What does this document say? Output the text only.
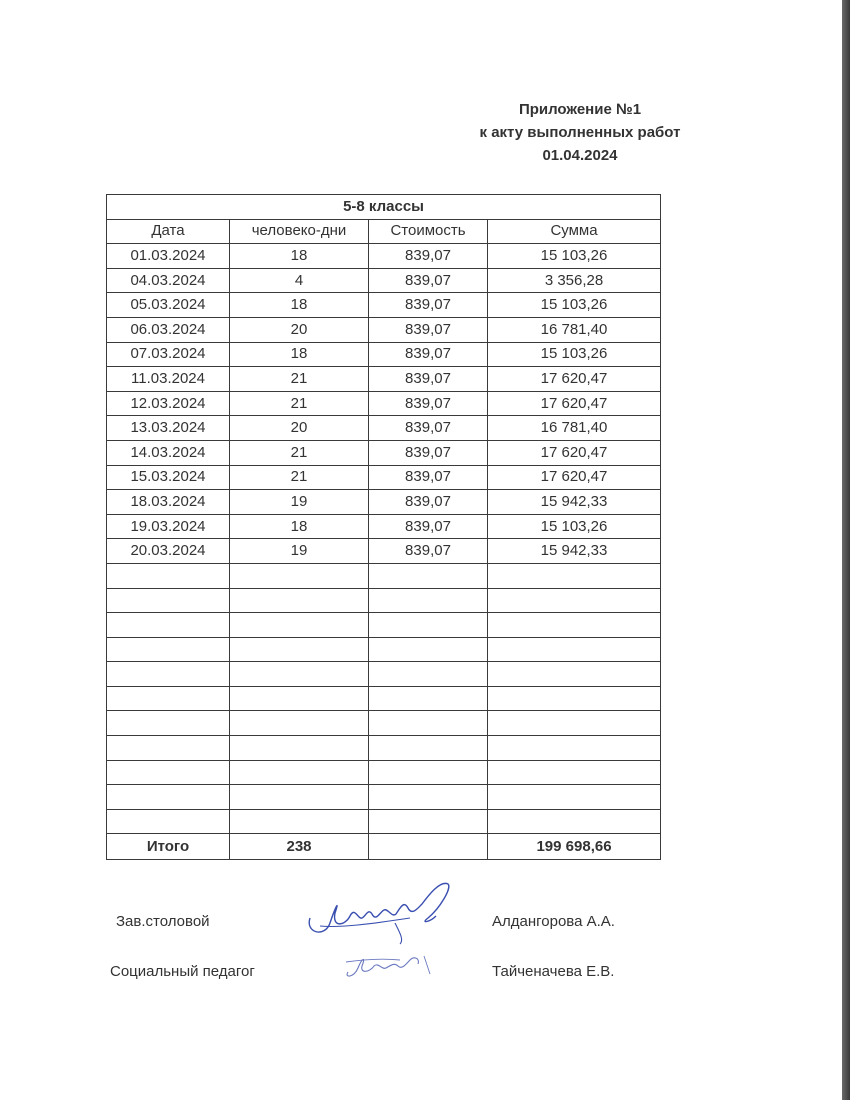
Приложение №1
к акту выполненных работ
01.04.2024
5-8 классы			
Дата	человеко-дни	Стоимость	Сумма
01.03.2024	18	839,07	15 103,26
04.03.2024	4	839,07	3 356,28
05.03.2024	18	839,07	15 103,26
06.03.2024	20	839,07	16 781,40
07.03.2024	18	839,07	15 103,26
11.03.2024	21	839,07	17 620,47
12.03.2024	21	839,07	17 620,47
13.03.2024	20	839,07	16 781,40
14.03.2024	21	839,07	17 620,47
15.03.2024	21	839,07	17 620,47
18.03.2024	19	839,07	15 942,33
19.03.2024	18	839,07	15 103,26
20.03.2024	19	839,07	15 942,33

Итого	238		199 698,66
Зав.столовой	Алдангорова А.А.
Социальный педагог	Тайченачева Е.В.
